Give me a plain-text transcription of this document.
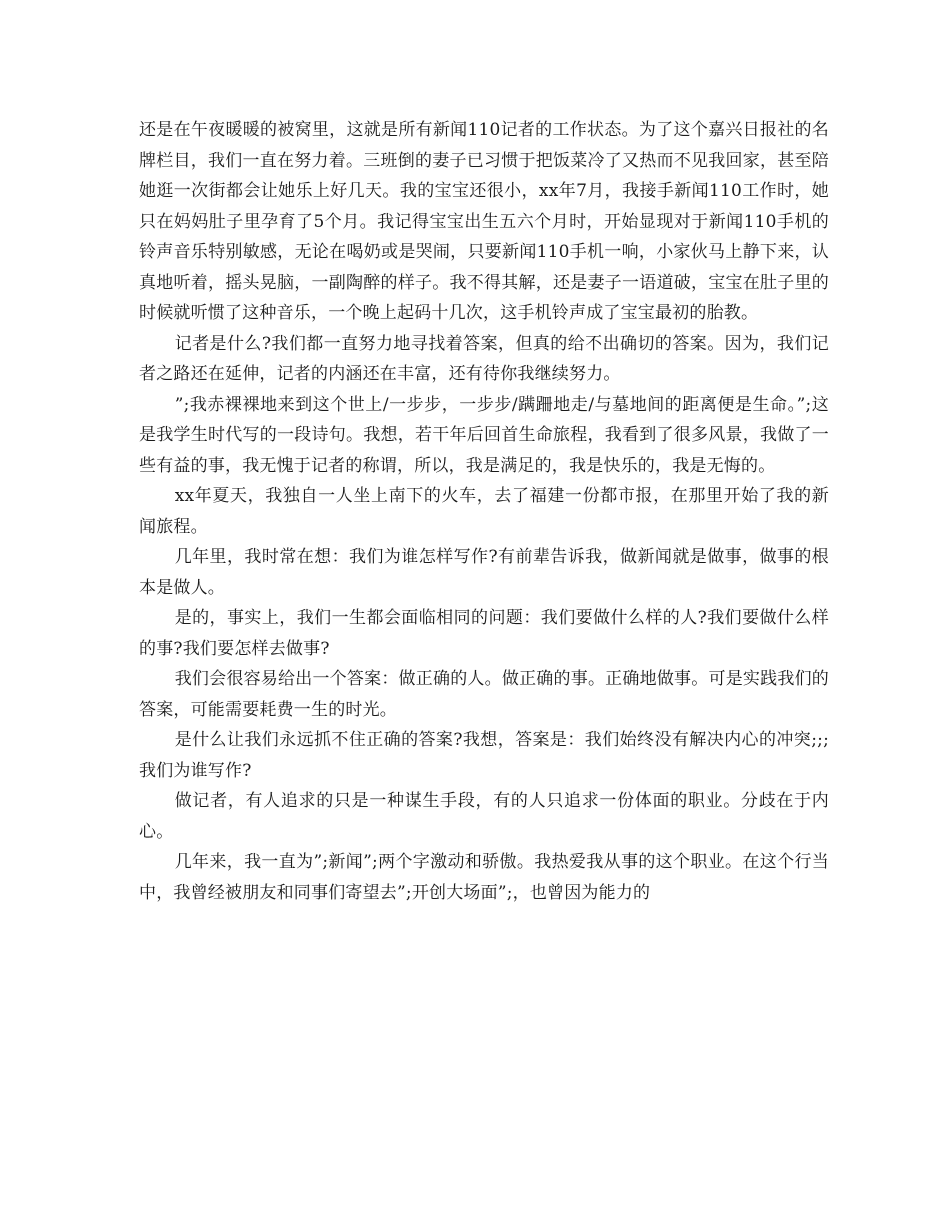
还是在午夜暖暖的被窝里，这就是所有新闻110记者的工作状态。为了这个嘉兴日报社的名牌栏目，我们一直在努力着。三班倒的妻子已习惯于把饭菜冷了又热而不见我回家，甚至陪她逛一次街都会让她乐上好几天。我的宝宝还很小，xx年7月，我接手新闻110工作时，她只在妈妈肚子里孕育了5个月。我记得宝宝出生五六个月时，开始显现对于新闻110手机的铃声音乐特别敏感，无论在喝奶或是哭闹，只要新闻110手机一响，小家伙马上静下来，认真地听着，摇头晃脑，一副陶醉的样子。我不得其解，还是妻子一语道破，宝宝在肚子里的时候就听惯了这种音乐，一个晚上起码十几次，这手机铃声成了宝宝最初的胎教。

记者是什么?我们都一直努力地寻找着答案，但真的给不出确切的答案。因为，我们记者之路还在延伸，记者的内涵还在丰富，还有待你我继续努力。

”;我赤裸裸地来到这个世上/一步步，一步步/蹒跚地走/与墓地间的距离便是生命。”;这是我学生时代写的一段诗句。我想，若干年后回首生命旅程，我看到了很多风景，我做了一些有益的事，我无愧于记者的称谓，所以，我是满足的，我是快乐的，我是无悔的。

xx年夏天，我独自一人坐上南下的火车，去了福建一份都市报，在那里开始了我的新闻旅程。

几年里，我时常在想：我们为谁怎样写作?有前辈告诉我，做新闻就是做事，做事的根本是做人。

是的，事实上，我们一生都会面临相同的问题：我们要做什么样的人?我们要做什么样的事?我们要怎样去做事?

我们会很容易给出一个答案：做正确的人。做正确的事。正确地做事。可是实践我们的答案，可能需要耗费一生的时光。

是什么让我们永远抓不住正确的答案?我想，答案是：我们始终没有解决内心的冲突;;;我们为谁写作?

做记者，有人追求的只是一种谋生手段，有的人只追求一份体面的职业。分歧在于内心。

几年来，我一直为”;新闻”;两个字激动和骄傲。我热爱我从事的这个职业。在这个行当中，我曾经被朋友和同事们寄望去”;开创大场面”;，也曾因为能力的
